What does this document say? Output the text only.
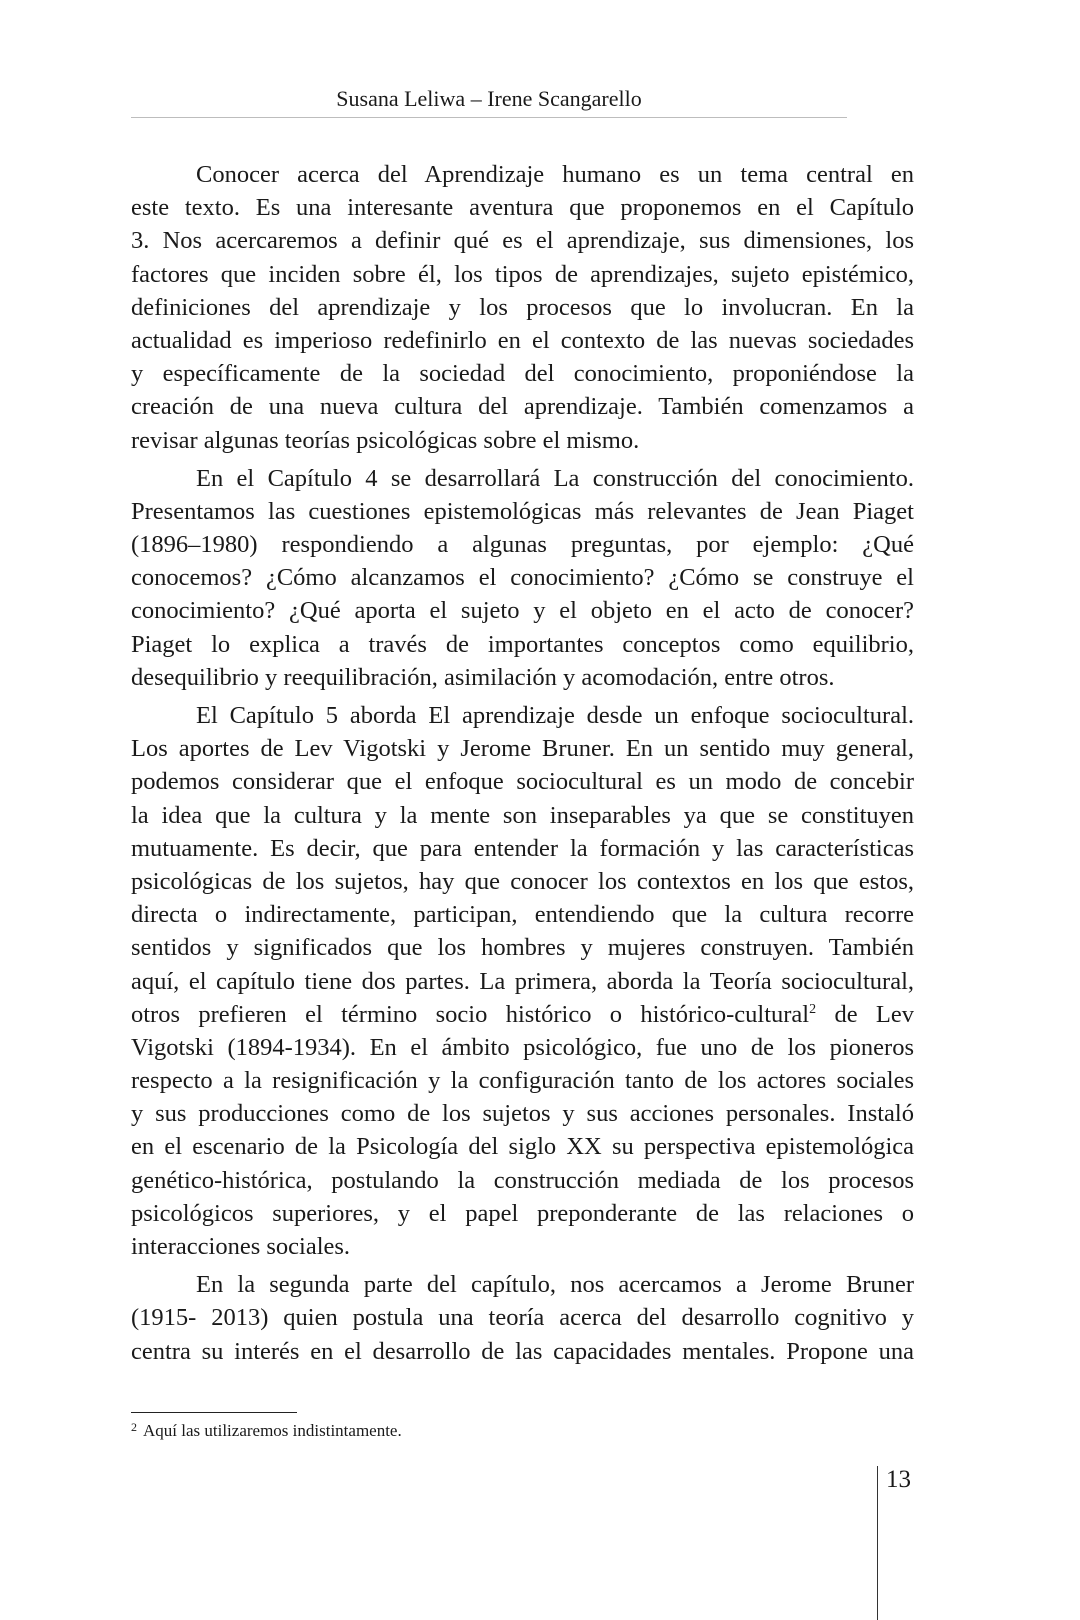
Susana Leliwa – Irene Scangarello
Conocer acerca del Aprendizaje humano es un tema central en
este texto. Es una interesante aventura que proponemos en el Capítulo
3. Nos acercaremos a definir qué es el aprendizaje, sus dimensiones, los
factores que inciden sobre él, los tipos de aprendizajes, sujeto epistémico,
definiciones del aprendizaje y los procesos que lo involucran. En la
actualidad es imperioso redefinirlo en el contexto de las nuevas sociedades
y específicamente de la sociedad del conocimiento, proponiéndose la
creación de una nueva cultura del aprendizaje. También comenzamos a
revisar algunas teorías psicológicas sobre el mismo.
En el Capítulo 4 se desarrollará La construcción del conocimiento.
Presentamos las cuestiones epistemológicas más relevantes de Jean Piaget
(1896–1980) respondiendo a algunas preguntas, por ejemplo: ¿Qué
conocemos? ¿Cómo alcanzamos el conocimiento? ¿Cómo se construye el
conocimiento? ¿Qué aporta el sujeto y el objeto en el acto de conocer?
Piaget lo explica a través de importantes conceptos como equilibrio,
desequilibrio y reequilibración, asimilación y acomodación, entre otros.
El Capítulo 5 aborda El aprendizaje desde un enfoque sociocultural.
Los aportes de Lev Vigotski y Jerome Bruner. En un sentido muy general,
podemos considerar que el enfoque sociocultural es un modo de concebir
la idea que la cultura y la mente son inseparables ya que se constituyen
mutuamente. Es decir, que para entender la formación y las características
psicológicas de los sujetos, hay que conocer los contextos en los que estos,
directa o indirectamente, participan, entendiendo que la cultura recorre
sentidos y significados que los hombres y mujeres construyen. También
aquí, el capítulo tiene dos partes. La primera, aborda la Teoría sociocultural,
otros prefieren el término socio histórico o histórico-cultural$^2$ de Lev
Vigotski (1894-1934). En el ámbito psicológico, fue uno de los pioneros
respecto a la resignificación y la configuración tanto de los actores sociales
y sus producciones como de los sujetos y sus acciones personales. Instaló
en el escenario de la Psicología del siglo XX su perspectiva epistemológica
genético-histórica, postulando la construcción mediada de los procesos
psicológicos superiores, y el papel preponderante de las relaciones o
interacciones sociales.
En la segunda parte del capítulo, nos acercamos a Jerome Bruner
(1915- 2013) quien postula una teoría acerca del desarrollo cognitivo y
centra su interés en el desarrollo de las capacidades mentales. Propone una
$^2$ Aquí las utilizaremos indistintamente.
13
